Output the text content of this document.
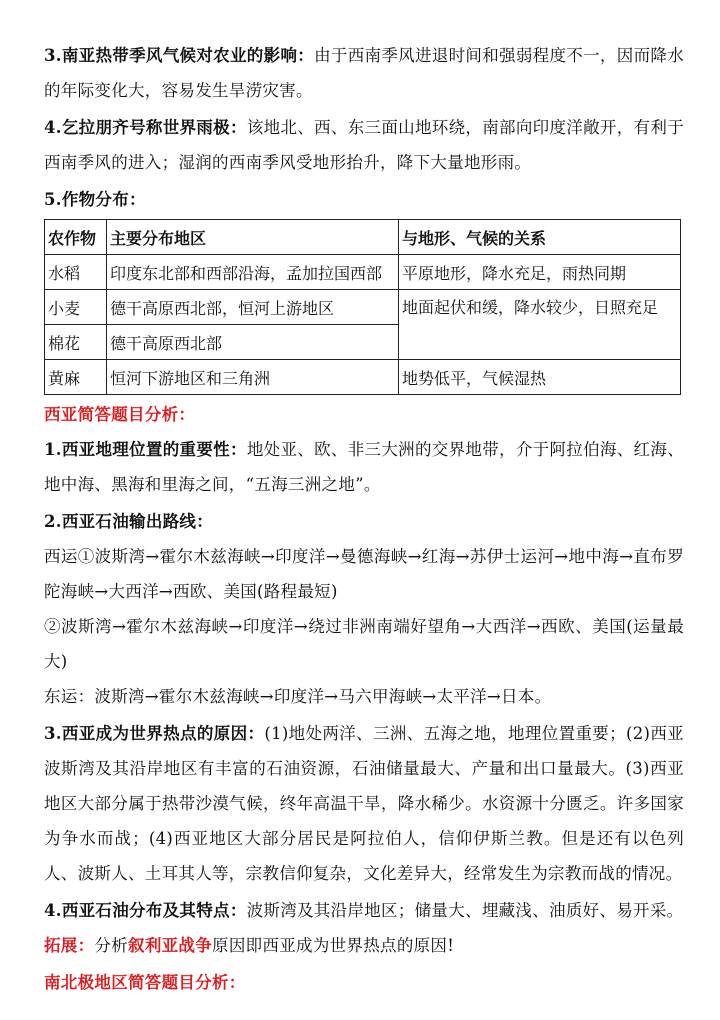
3.南亚热带季风气候对农业的影响：由于西南季风进退时间和强弱程度不一，因而降水的年际变化大，容易发生旱涝灾害。

4.乞拉朋齐号称世界雨极：该地北、西、东三面山地环绕，南部向印度洋敞开，有利于西南季风的进入；湿润的西南季风受地形抬升，降下大量地形雨。

5.作物分布：

农作物	主要分布地区	与地形、气候的关系
水稻	印度东北部和西部沿海，孟加拉国西部	平原地形，降水充足，雨热同期
小麦	德干高原西北部，恒河上游地区	地面起伏和缓，降水较少，日照充足
棉花	德干高原西北部	
黄麻	恒河下游地区和三角洲	地势低平，气候湿热

西亚简答题目分析：

1.西亚地理位置的重要性：地处亚、欧、非三大洲的交界地带，介于阿拉伯海、红海、地中海、黑海和里海之间，“五海三洲之地”。

2.西亚石油输出路线：

西运①波斯湾→霍尔木兹海峡→印度洋→曼德海峡→红海→苏伊士运河→地中海→直布罗陀海峡→大西洋→西欧、美国(路程最短)

②波斯湾→霍尔木兹海峡→印度洋→绕过非洲南端好望角→大西洋→西欧、美国(运量最大)

东运：波斯湾→霍尔木兹海峡→印度洋→马六甲海峡→太平洋→日本。

3.西亚成为世界热点的原因：(1)地处两洋、三洲、五海之地，地理位置重要；(2)西亚波斯湾及其沿岸地区有丰富的石油资源，石油储量最大、产量和出口量最大。(3)西亚地区大部分属于热带沙漠气候，终年高温干旱，降水稀少。水资源十分匮乏。许多国家为争水而战；(4)西亚地区大部分居民是阿拉伯人，信仰伊斯兰教。但是还有以色列人、波斯人、土耳其人等，宗教信仰复杂，文化差异大，经常发生为宗教而战的情况。

4.西亚石油分布及其特点：波斯湾及其沿岸地区；储量大、埋藏浅、油质好、易开采。

拓展：分析叙利亚战争原因即西亚成为世界热点的原因!

南北极地区简答题目分析：
